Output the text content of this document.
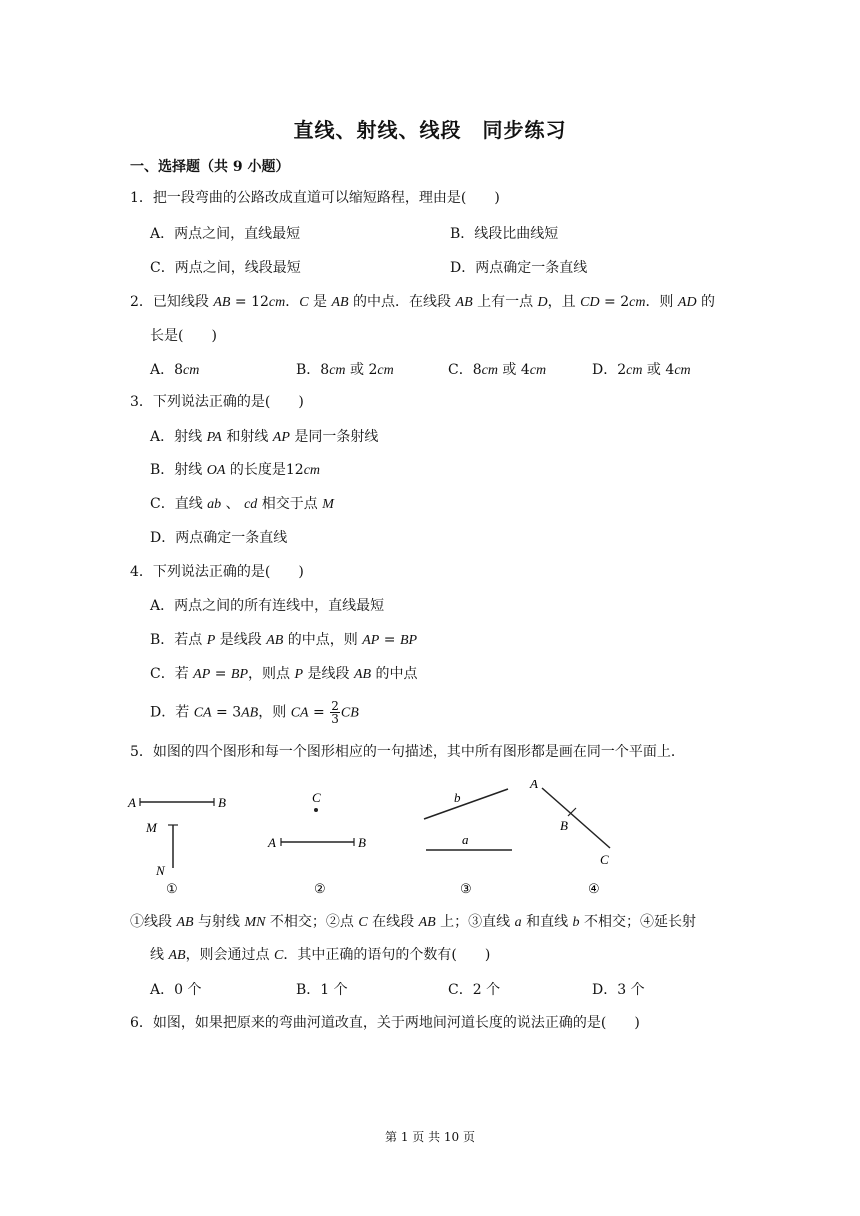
直线、射线、线段　同步练习
一、选择题（共 9 小题）
1．把一段弯曲的公路改成直道可以缩短路程，理由是(　　)
A．两点之间，直线最短	B．线段比曲线短
C．两点之间，线段最短	D．两点确定一条直线
2．已知线段 AB = 12cm．C 是 AB 的中点．在线段 AB 上有一点 D，且 CD = 2cm．则 AD 的
长是(　　)
A．8cm	B．8cm 或 2cm	C．8cm 或 4cm	D．2cm 或 4cm
3．下列说法正确的是(　　)
A．射线 PA 和射线 AP 是同一条射线
B．射线 OA 的长度是12cm
C．直线 ab 、 cd 相交于点 M
D．两点确定一条直线
4．下列说法正确的是(　　)
A．两点之间的所有连线中，直线最短
B．若点 P 是线段 AB 的中点，则 AP = BP
C．若 AP = BP，则点 P 是线段 AB 的中点
D．若 CA = 3AB，则 CA = $\frac{2}{3}$ CB
5．如图的四个图形和每一个图形相应的一句描述，其中所有图形都是画在同一个平面上．
A	B
M
N
①
C
A	B
②
b
a
③
A
B
C
④
①线段 AB 与射线 MN 不相交；②点 C 在线段 AB 上；③直线 a 和直线 b 不相交；④延长射
线 AB，则会通过点 C．其中正确的语句的个数有(　　)
A．0 个	B．1 个	C．2 个	D．3 个
6．如图，如果把原来的弯曲河道改直，关于两地间河道长度的说法正确的是(　　)
第 1 页 共 10 页
